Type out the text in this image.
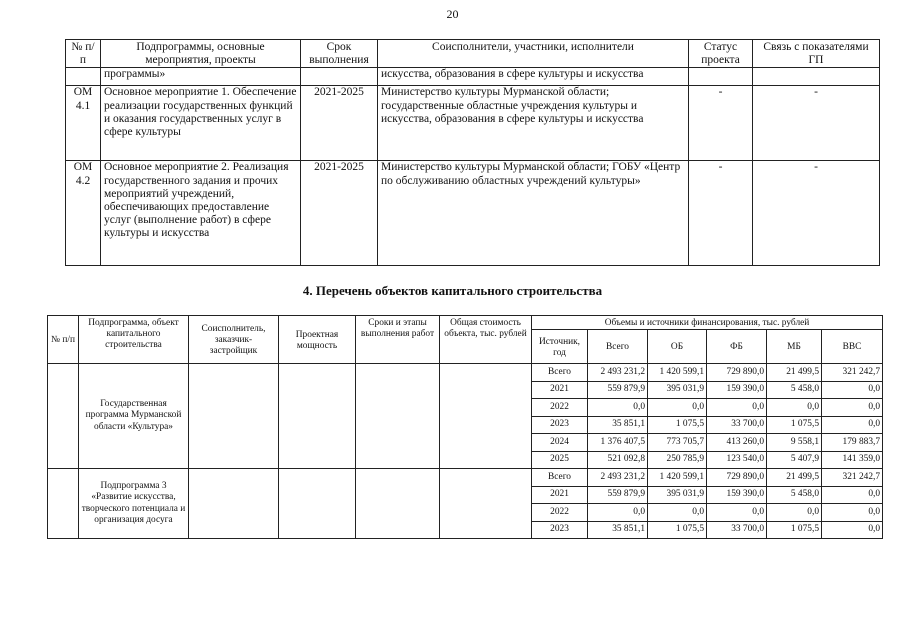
20
№ п/п	Подпрограммы, основные мероприятия, проекты	Срок выполнения	Соисполнители, участники, исполнители	Статус проекта	Связь с показателями ГП
	программы»		искусства, образования в сфере культуры и искусства		
ОМ 4.1	Основное мероприятие 1. Обеспечение реализации государственных функций и оказания государственных услуг в сфере культуры	2021-2025	Министерство культуры Мурманской области; государственные областные учреждения культуры и искусства, образования в сфере культуры и искусства	-	-
ОМ 4.2	Основное мероприятие 2. Реализация государственного задания и прочих мероприятий учреждений, обеспечивающих предоставление услуг (выполнение работ) в сфере культуры и искусства	2021-2025	Министерство культуры Мурманской области; ГОБУ «Центр по обслуживанию областных учреждений культуры»	-	-
4. Перечень объектов капитального строительства
№ п/п	Подпрограмма, объект капитального строительства	Соисполнитель, заказчик-застройщик	Проектная мощность	Сроки и этапы выполнения работ	Общая стоимость объекта, тыс. рублей	Объемы и источники финансирования, тыс. рублей					
						Источник, год	Всего	ОБ	ФБ	МБ	ВВС
	Государственная программа Мурманской области «Культура»					Всего	2 493 231,2	1 420 599,1	729 890,0	21 499,5	321 242,7
						2021	559 879,9	395 031,9	159 390,0	5 458,0	0,0
						2022	0,0	0,0	0,0	0,0	0,0
						2023	35 851,1	1 075,5	33 700,0	1 075,5	0,0
						2024	1 376 407,5	773 705,7	413 260,0	9 558,1	179 883,7
						2025	521 092,8	250 785,9	123 540,0	5 407,9	141 359,0
	Подпрограмма 3 «Развитие искусства, творческого потенциала и организация досуга					Всего	2 493 231,2	1 420 599,1	729 890,0	21 499,5	321 242,7
						2021	559 879,9	395 031,9	159 390,0	5 458,0	0,0
						2022	0,0	0,0	0,0	0,0	0,0
						2023	35 851,1	1 075,5	33 700,0	1 075,5	0,0
